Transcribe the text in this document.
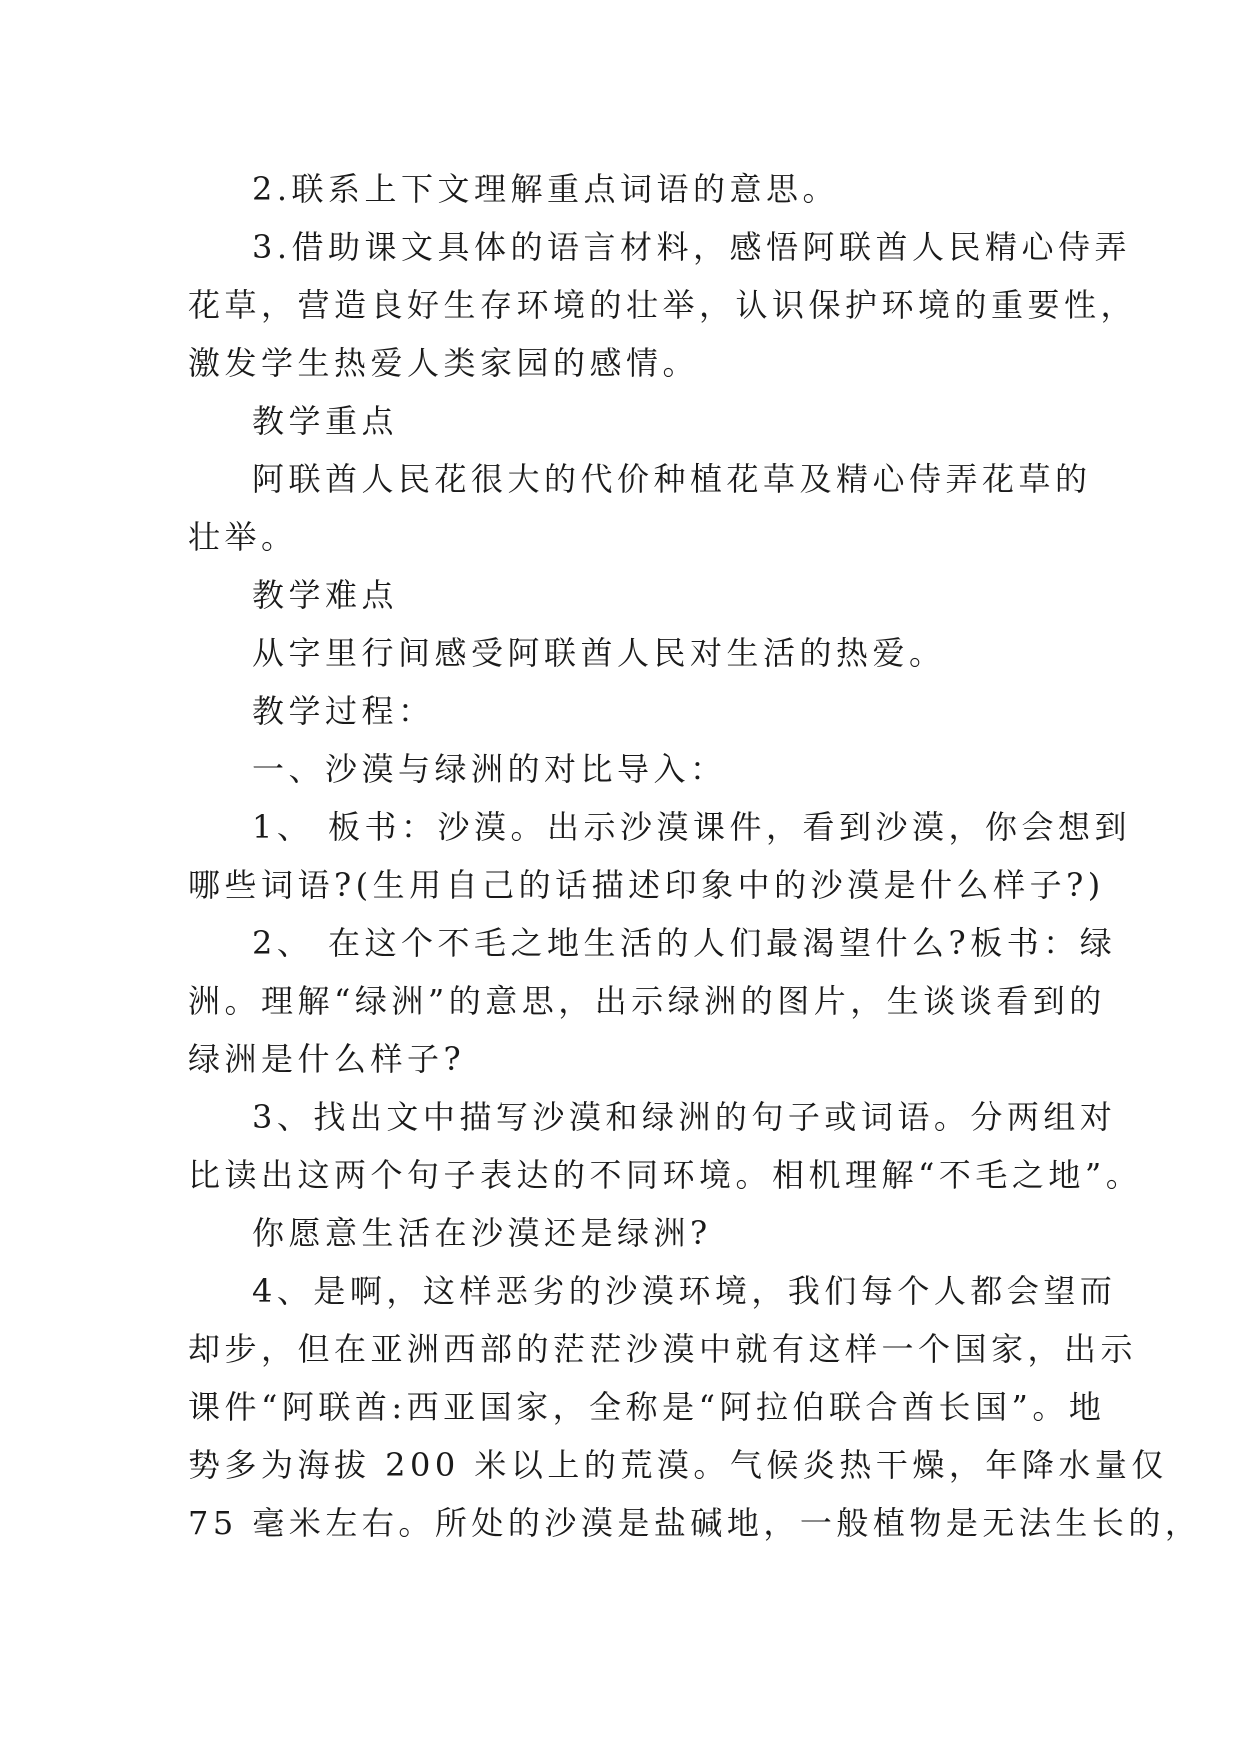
2.联系上下文理解重点词语的意思。
3.借助课文具体的语言材料，感悟阿联酋人民精心侍弄
花草，营造良好生存环境的壮举，认识保护环境的重要性，
激发学生热爱人类家园的感情。
教学重点
阿联酋人民花很大的代价种植花草及精心侍弄花草的
壮举。
教学难点
从字里行间感受阿联酋人民对生活的热爱。
教学过程：
一、沙漠与绿洲的对比导入：
1、 板书：沙漠。出示沙漠课件，看到沙漠，你会想到
哪些词语?(生用自己的话描述印象中的沙漠是什么样子?)
2、 在这个不毛之地生活的人们最渴望什么?板书：绿
洲。理解“绿洲”的意思，出示绿洲的图片，生谈谈看到的
绿洲是什么样子?
3、找出文中描写沙漠和绿洲的句子或词语。分两组对
比读出这两个句子表达的不同环境。相机理解“不毛之地”。
你愿意生活在沙漠还是绿洲?
4、是啊，这样恶劣的沙漠环境，我们每个人都会望而
却步，但在亚洲西部的茫茫沙漠中就有这样一个国家，出示
课件“阿联酋:西亚国家，全称是“阿拉伯联合酋长国”。地
势多为海拔 200 米以上的荒漠。气候炎热干燥，年降水量仅
75 毫米左右。所处的沙漠是盐碱地，一般植物是无法生长的，
